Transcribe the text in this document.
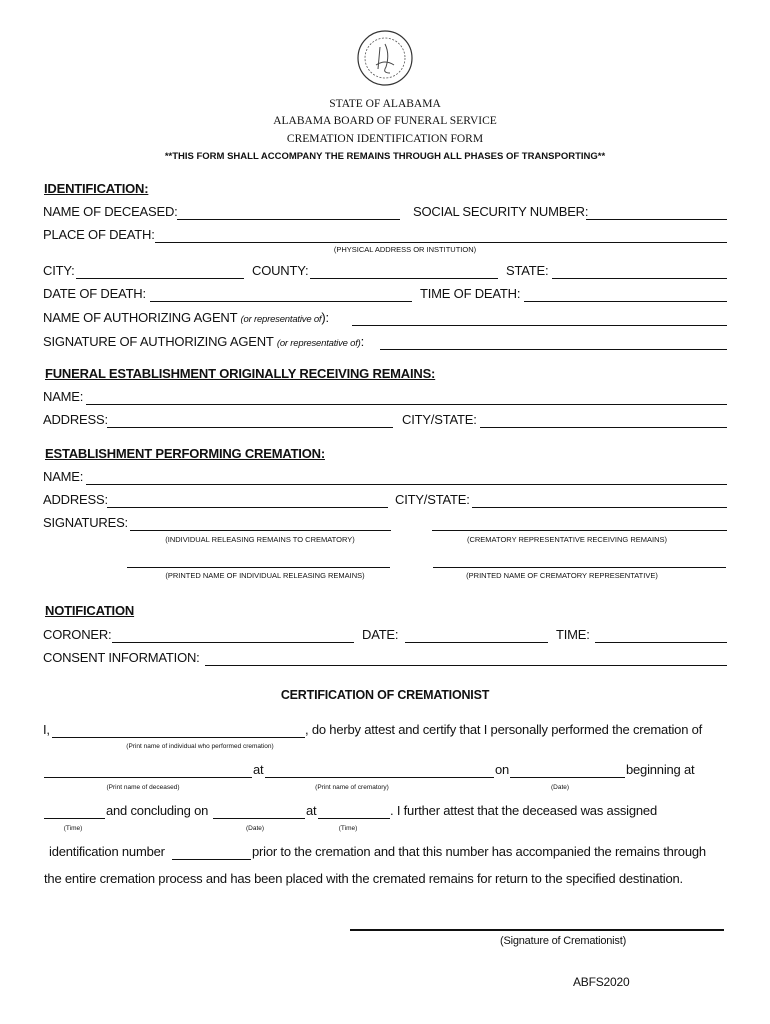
STATE OF ALABAMA
ALABAMA BOARD OF FUNERAL SERVICE
CREMATION IDENTIFICATION FORM
**THIS FORM SHALL ACCOMPANY THE REMAINS THROUGH ALL PHASES OF TRANSPORTING**
IDENTIFICATION:
NAME OF DECEASED:	SOCIAL SECURITY NUMBER:
PLACE OF DEATH:
(PHYSICAL ADDRESS OR INSTITUTION)
CITY:	COUNTY:	STATE:
DATE OF DEATH:	TIME OF DEATH:
NAME OF AUTHORIZING AGENT (or representative of):
SIGNATURE OF AUTHORIZING AGENT (or representative of):
FUNERAL ESTABLISHMENT ORIGINALLY RECEIVING REMAINS:
NAME:
ADDRESS:	CITY/STATE:
ESTABLISHMENT PERFORMING CREMATION:
NAME:
ADDRESS:	CITY/STATE:
SIGNATURES:
(INDIVIDUAL RELEASING REMAINS TO CREMATORY)	(CREMATORY REPRESENTATIVE RECEIVING REMAINS)
(PRINTED NAME OF INDIVIDUAL RELEASING REMAINS)	(PRINTED NAME OF CREMATORY REPRESENTATIVE)
NOTIFICATION
CORONER:	DATE:	TIME:
CONSENT INFORMATION:
CERTIFICATION OF CREMATIONIST
I,	, do herby attest and certify that I personally performed the cremation of
(Print name of individual who performed cremation)
at	on	beginning at
(Print name of deceased)	(Print name of crematory)	(Date)
and concluding on	at	. I further attest that the deceased was assigned
(Time)	(Date)	(Time)
identification number	prior to the cremation and that this number has accompanied the remains through
the entire cremation process and has been placed with the cremated remains for return to the specified destination.
(Signature of Cremationist)
ABFS2020
